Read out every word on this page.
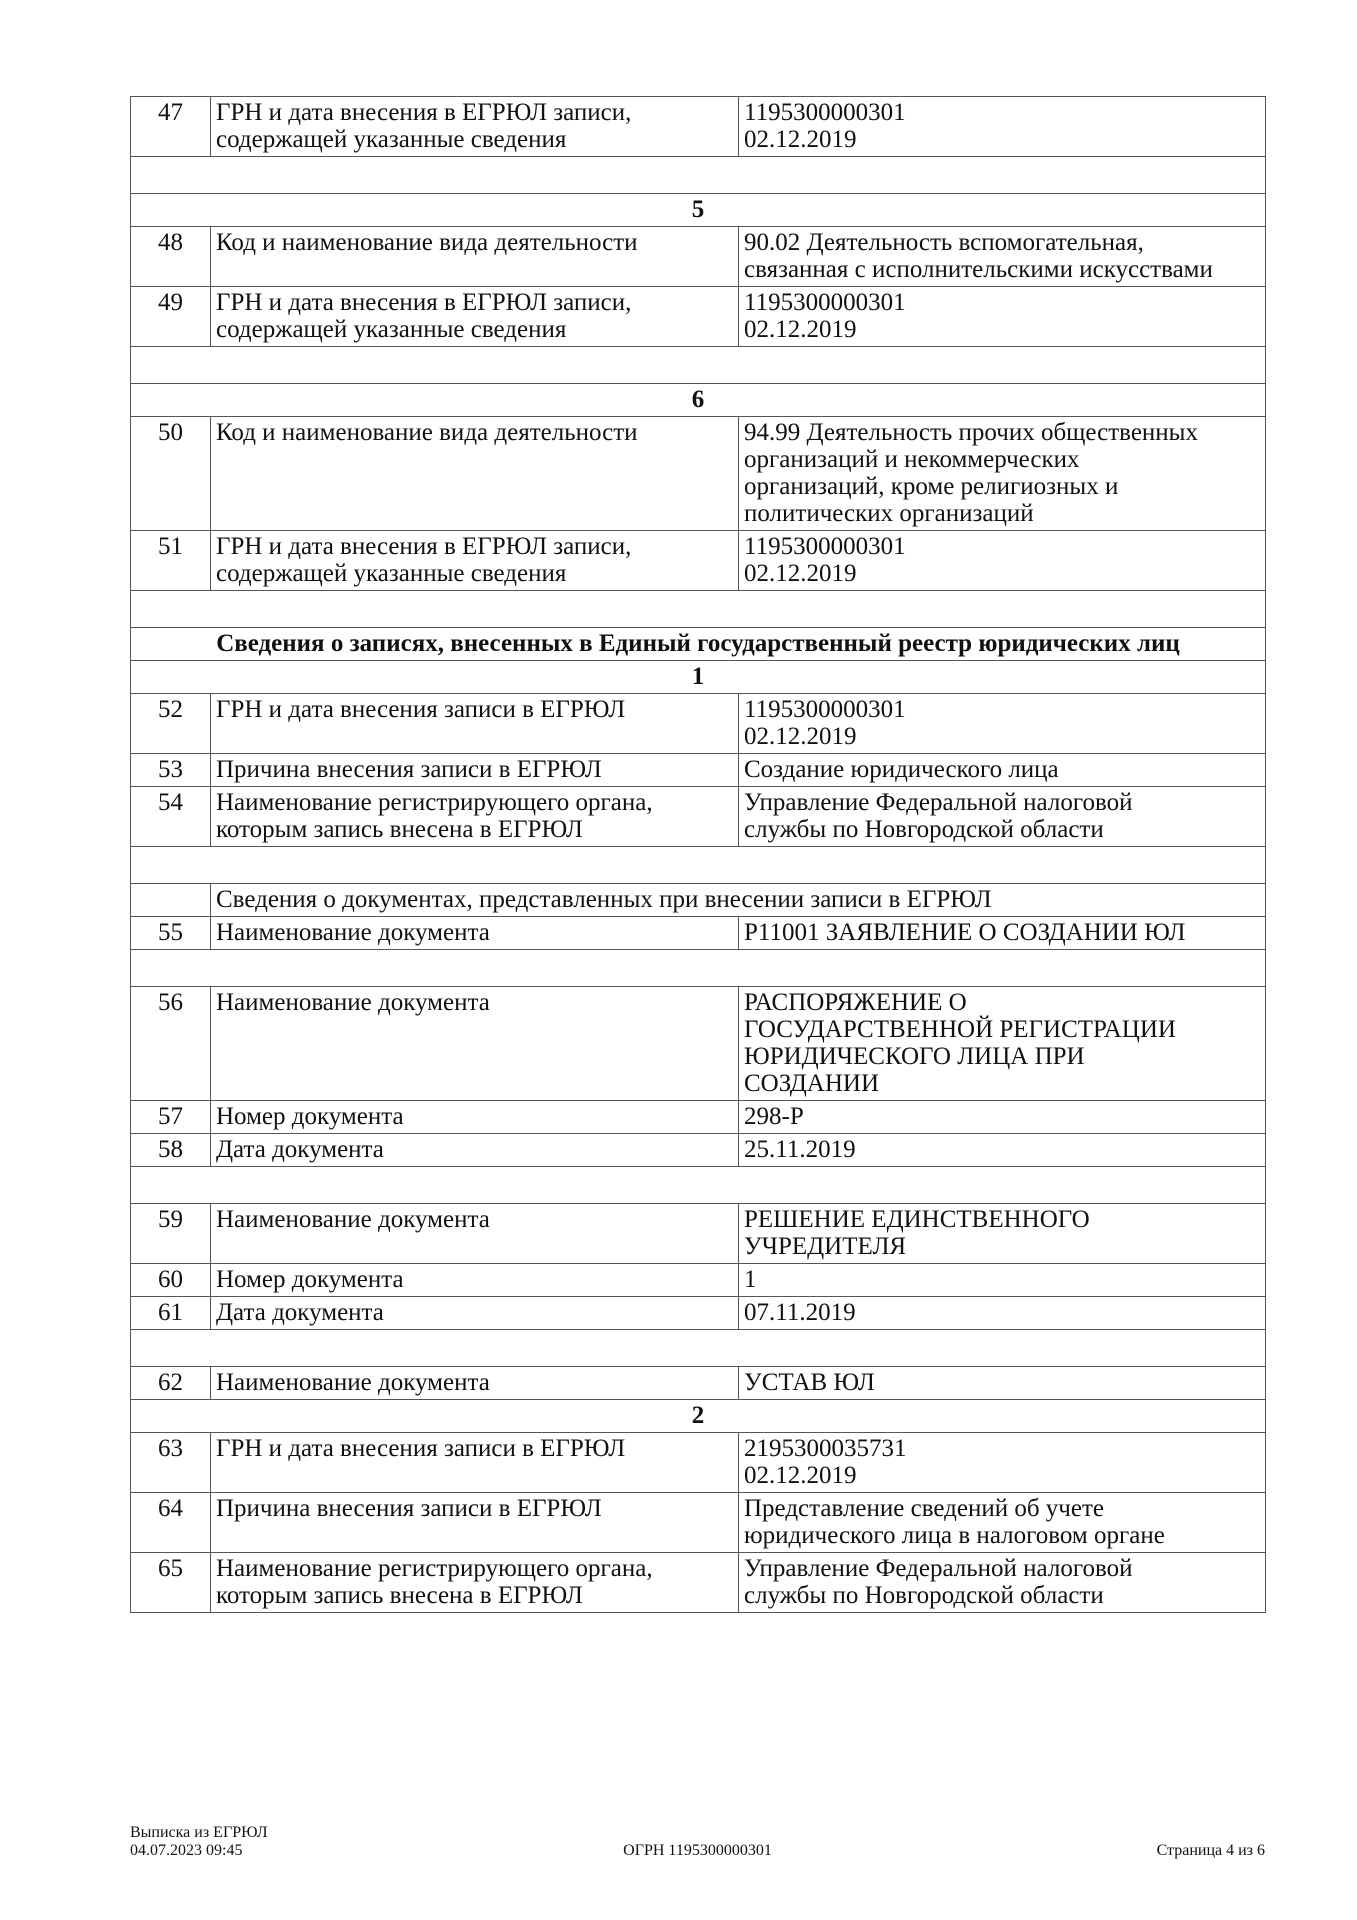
47	ГРН и дата внесения в ЕГРЮЛ записи,
содержащей указанные сведения	1195300000301
02.12.2019

5		
48	Код и наименование вида деятельности	90.02 Деятельность вспомогательная,
связанная с исполнительскими искусствами
49	ГРН и дата внесения в ЕГРЮЛ записи,
содержащей указанные сведения	1195300000301
02.12.2019

6		
50	Код и наименование вида деятельности	94.99 Деятельность прочих общественных
организаций и некоммерческих
организаций, кроме религиозных и
политических организаций
51	ГРН и дата внесения в ЕГРЮЛ записи,
содержащей указанные сведения	1195300000301
02.12.2019

Сведения о записях, внесенных в Единый государственный реестр юридических лиц		
1		
52	ГРН и дата внесения записи в ЕГРЮЛ	1195300000301
02.12.2019
53	Причина внесения записи в ЕГРЮЛ	Создание юридического лица
54	Наименование регистрирующего органа,
которым запись внесена в ЕГРЮЛ	Управление Федеральной налоговой
службы по Новгородской области

	Сведения о документах, представленных при внесении записи в ЕГРЮЛ	
55	Наименование документа	Р11001 ЗАЯВЛЕНИЕ О СОЗДАНИИ ЮЛ

56	Наименование документа	РАСПОРЯЖЕНИЕ О
ГОСУДАРСТВЕННОЙ РЕГИСТРАЦИИ
ЮРИДИЧЕСКОГО ЛИЦА ПРИ
СОЗДАНИИ
57	Номер документа	298-Р
58	Дата документа	25.11.2019

59	Наименование документа	РЕШЕНИЕ ЕДИНСТВЕННОГО
УЧРЕДИТЕЛЯ
60	Номер документа	1
61	Дата документа	07.11.2019

62	Наименование документа	УСТАВ ЮЛ
2		
63	ГРН и дата внесения записи в ЕГРЮЛ	2195300035731
02.12.2019
64	Причина внесения записи в ЕГРЮЛ	Представление сведений об учете
юридического лица в налоговом органе
65	Наименование регистрирующего органа,
которым запись внесена в ЕГРЮЛ	Управление Федеральной налоговой
службы по Новгородской области
Выписка из ЕГРЮЛ
04.07.2023 09:45	ОГРН 1195300000301	Страница 4 из 6
